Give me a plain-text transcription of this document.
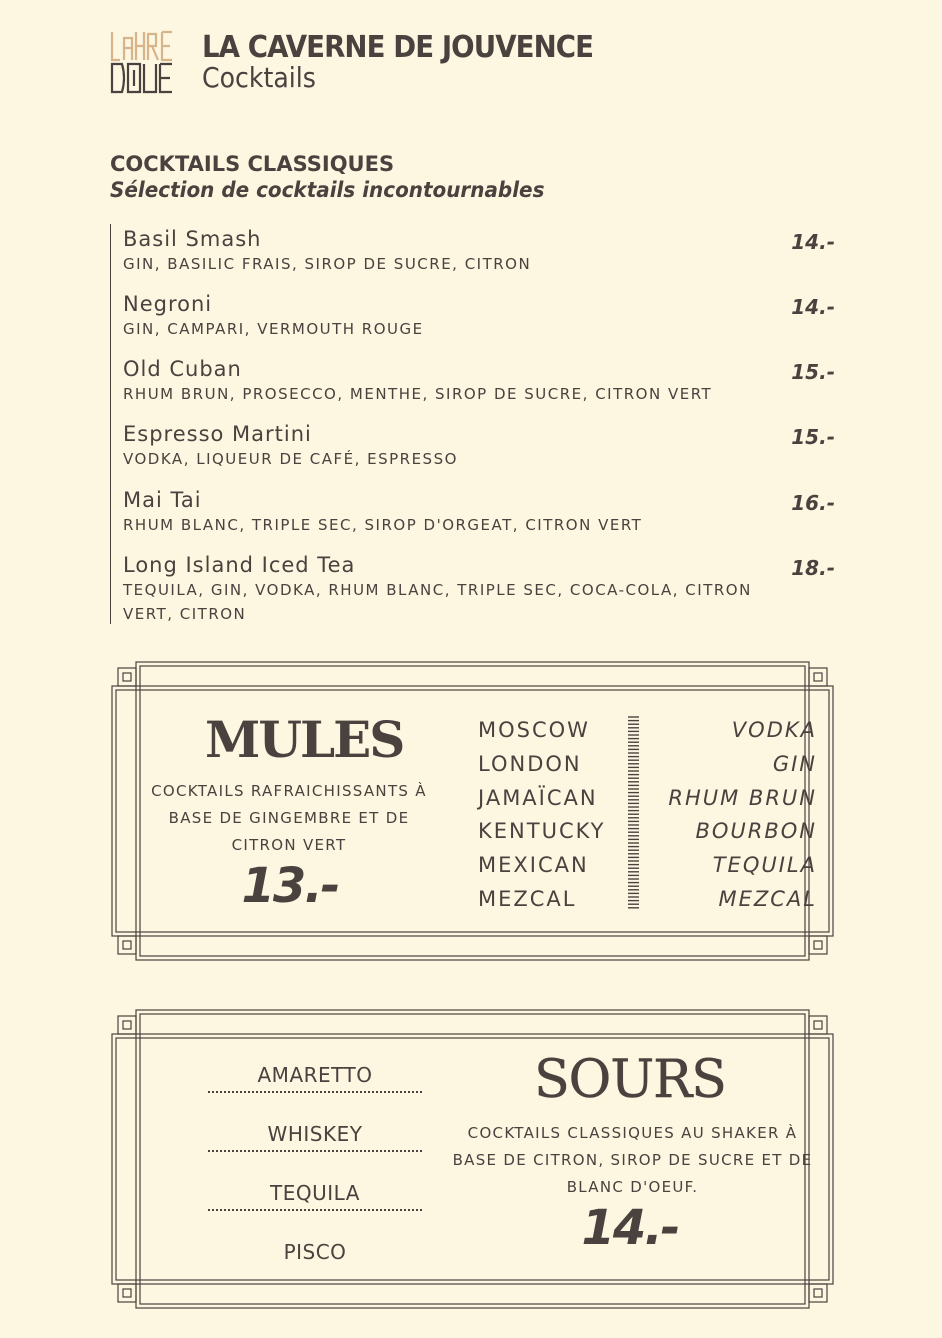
LA CAVERNE DE JOUVENCE
Cocktails
COCKTAILS CLASSIQUES
Sélection de cocktails incontournables
Basil Smash
GIN, BASILIC FRAIS, SIROP DE SUCRE, CITRON
14.-
Negroni
GIN, CAMPARI, VERMOUTH ROUGE
14.-
Old Cuban
RHUM BRUN, PROSECCO, MENTHE, SIROP DE SUCRE, CITRON VERT
15.-
Espresso Martini
VODKA, LIQUEUR DE CAFÉ, ESPRESSO
15.-
Mai Tai
RHUM BLANC, TRIPLE SEC, SIROP D'ORGEAT, CITRON VERT
16.-
Long Island Iced Tea
TEQUILA, GIN, VODKA, RHUM BLANC, TRIPLE SEC, COCA-COLA, CITRON VERT, CITRON
18.-
MULES
COCKTAILS RAFRAICHISSANTS À BASE DE GINGEMBRE ET DE CITRON VERT
13.-
MOSCOW
LONDON
JAMAÏCAN
KENTUCKY
MEXICAN
MEZCAL
VODKA
GIN
RHUM BRUN
BOURBON
TEQUILA
MEZCAL
AMARETTO
WHISKEY
TEQUILA
PISCO
SOURS
COCKTAILS CLASSIQUES AU SHAKER À BASE DE CITRON, SIROP DE SUCRE ET DE BLANC D'OEUF.
14.-
